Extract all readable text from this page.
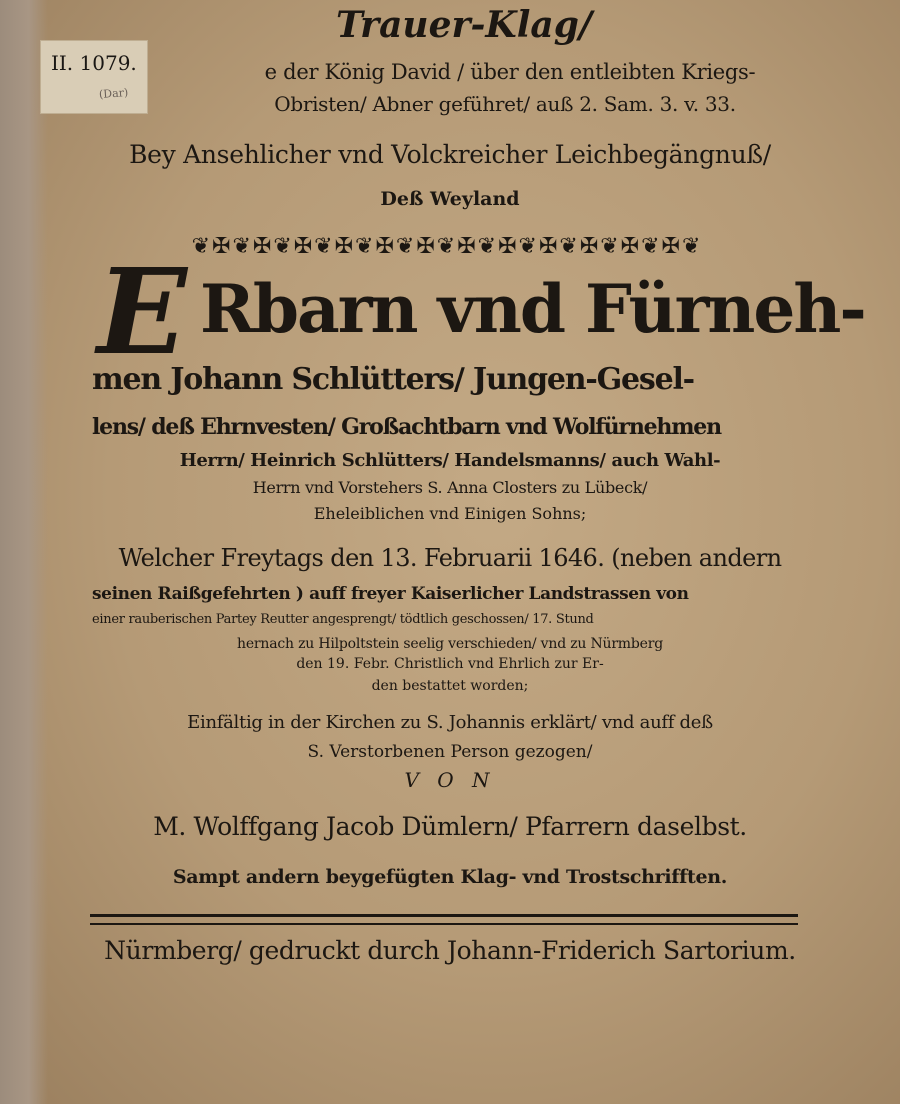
II. 1079.
(Dar)
Trauer-Klag/
e der König David / über den entleibten Kriegs-
Obristen/ Abner geführet/ auß 2. Sam. 3. v. 33.
Bey Ansehlicher vnd Volckreicher Leichbegängnuß/
Deß Weyland
❦✠❦✠❦✠❦✠❦✠❦✠❦✠❦✠❦✠❦✠❦✠❦✠❦
E Rbarn vnd Fürneh-
men Johann Schlütters/ Jungen-Gesel-
lens/ deß Ehrnvesten/ Großachtbarn vnd Wolfürnehmen
Herrn/ Heinrich Schlütters/ Handelsmanns/ auch Wahl-
Herrn vnd Vorstehers S. Anna Closters zu Lübeck/
Eheleiblichen vnd Einigen Sohns;
Welcher Freytags den 13. Februarii 1646. (neben andern
seinen Raißgefehrten ) auff freyer Kaiserlicher Landstrassen von
einer rauberischen Partey Reutter angesprengt/ tödtlich geschossen/ 17. Stund
hernach zu Hilpoltstein seelig verschieden/ vnd zu Nürmberg
den 19. Febr. Christlich vnd Ehrlich zur Er-
den bestattet worden;
Einfältig in der Kirchen zu S. Johannis erklärt/ vnd auff deß
S. Verstorbenen Person gezogen/
V O N
M. Wolffgang Jacob Dümlern/ Pfarrern daselbst.
Sampt andern beygefügten Klag- vnd Trostschrifften.
Nürmberg/ gedruckt durch Johann-Friderich Sartorium.
